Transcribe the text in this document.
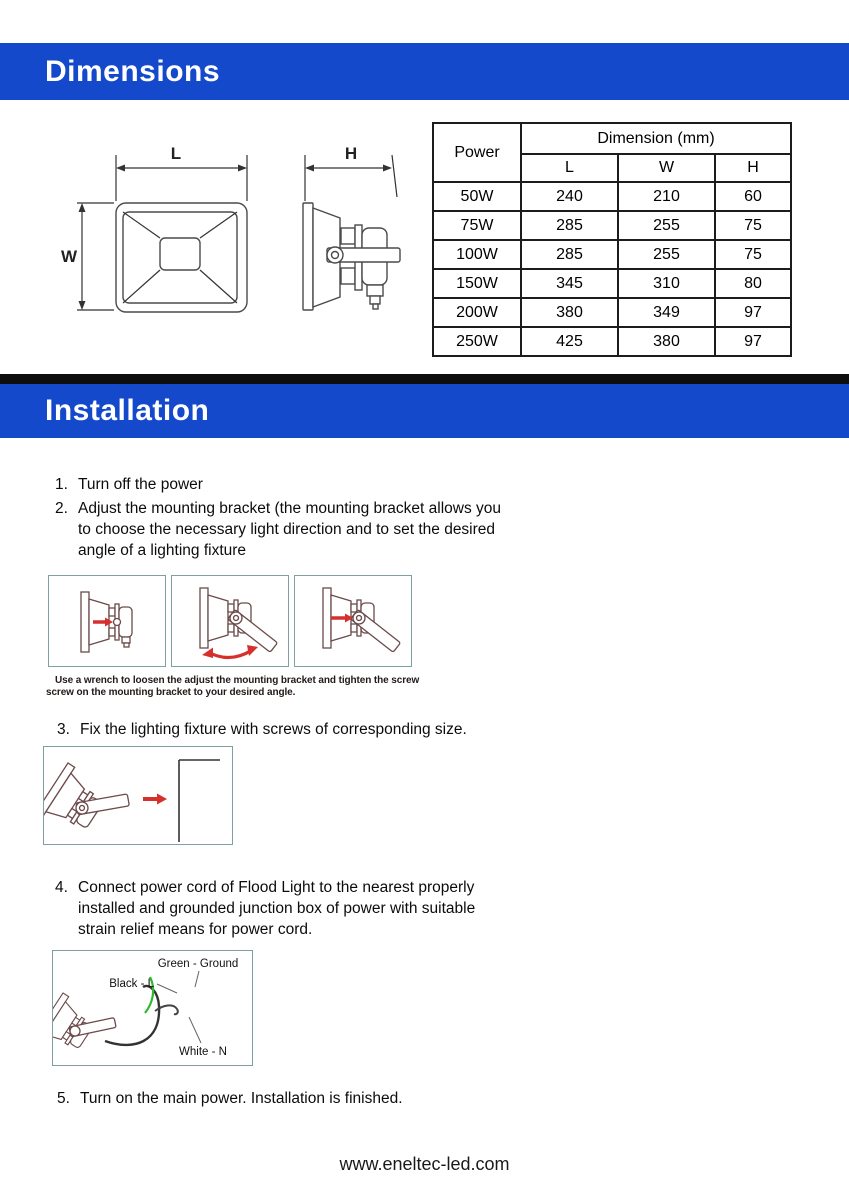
Dimensions
L
W
H	Power	Dimension (mm)		
	L	W	H
50W	240	210	60
75W	285	255	75
100W	285	255	75
150W	345	310	80
200W	380	349	97
250W	425	380	97
Installation
1. Turn off the power
2. Adjust the mounting bracket (the mounting bracket allows you to choose the necessary light direction and to set the desired angle of a lighting fixture
Use a wrench to loosen the adjust the mounting bracket and tighten the screw
screw on the mounting bracket to your desired angle.
3. Fix the lighting fixture with screws of corresponding size.
4. Connect power cord of Flood Light to the nearest properly installed and grounded junction box of power with suitable strain relief means for power cord.
Green - Ground
Black - L
White - N
5. Turn on the main power. Installation is finished.
www.eneltec-led.com
